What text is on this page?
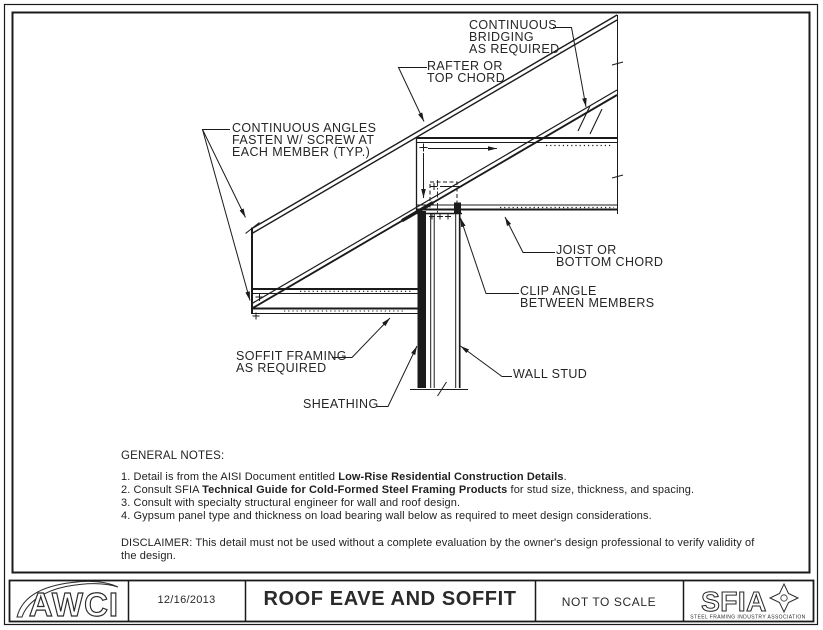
AWCI	SFIA
STEEL FRAMING INDUSTRY ASSOCIATION
CONTINUOUS
BRIDGING
AS REQUIRED.
RAFTER OR
TOP CHORD
CONTINUOUS ANGLES
FASTEN W/ SCREW AT
EACH MEMBER (TYP.)
JOIST OR
BOTTOM CHORD
CLIP ANGLE
BETWEEN MEMBERS
SOFFIT FRAMING
AS REQUIRED
SHEATHING
WALL STUD
GENERAL NOTES:
1. Detail is from the AISI Document entitled Low-Rise Residential Construction Details.
2. Consult SFIA Technical Guide for Cold-Formed Steel Framing Products for stud size, thickness, and spacing.
3. Consult with specialty structural engineer for wall and roof design.
4. Gypsum panel type and thickness on load bearing wall below as required to meet design considerations.
DISCLAIMER: This detail must not be used without a complete evaluation by the owner's design professional to verify validity of the design.
12/16/2013	ROOF EAVE AND SOFFIT	NOT TO SCALE
